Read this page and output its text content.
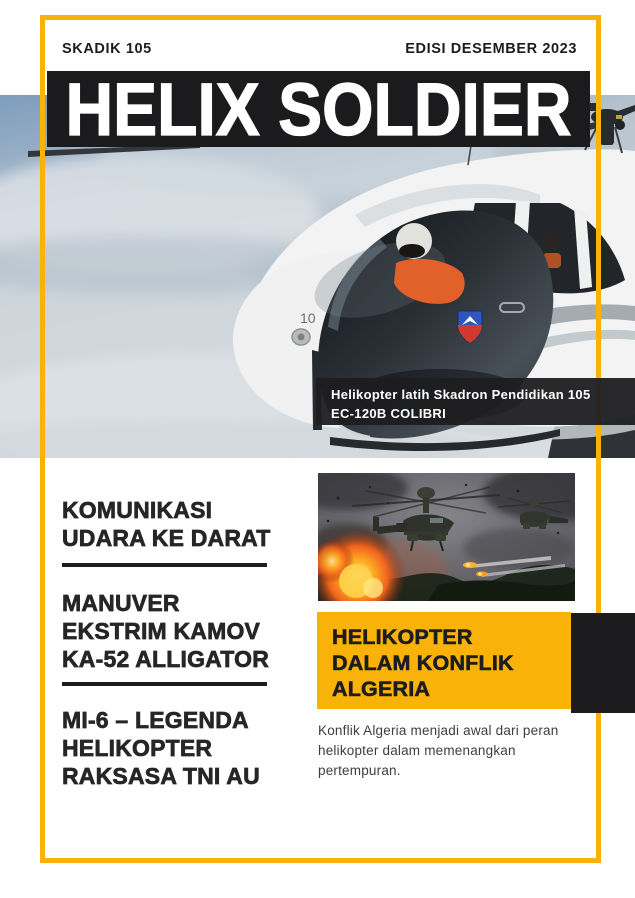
10
SKADIK 105	EDISI DESEMBER 2023
HELIX SOLDIER
Helikopter latih Skadron Pendidikan 105
EC-120B COLIBRI
KOMUNIKASI
UDARA KE DARAT
MANUVER
EKSTRIM KAMOV
KA-52 ALLIGATOR
MI-6 – LEGENDA
HELIKOPTER
RAKSASA TNI AU
HELIKOPTER
DALAM KONFLIK
ALGERIA
Konflik Algeria menjadi awal dari peran helikopter dalam memenangkan pertempuran.
